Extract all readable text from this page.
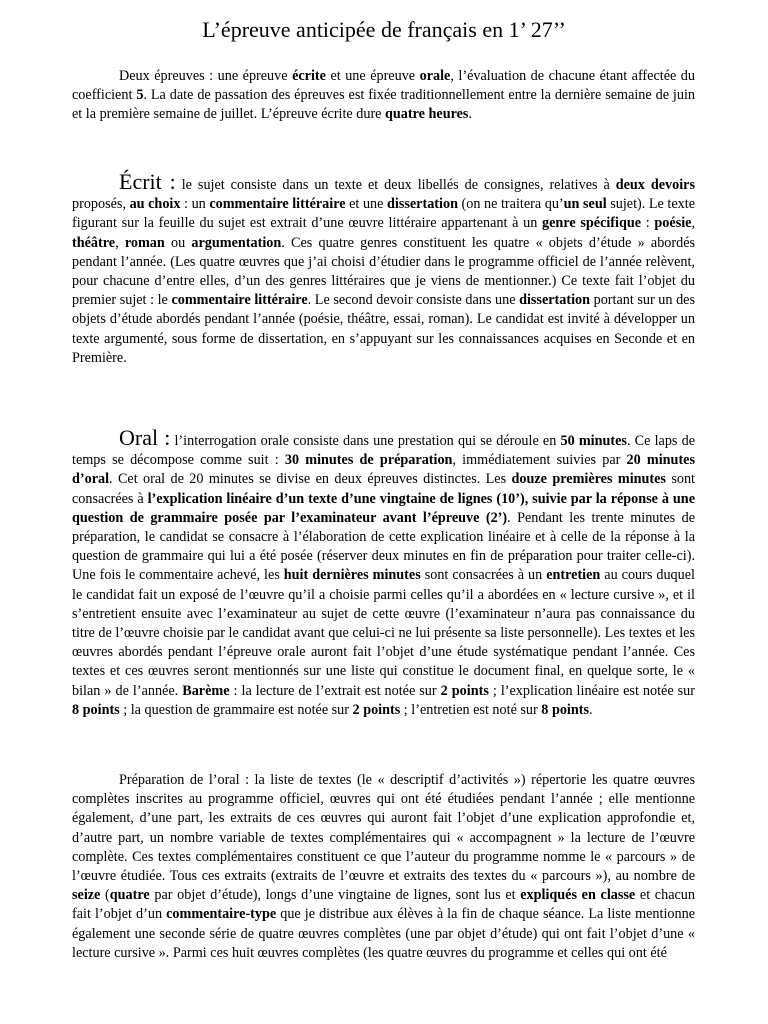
L’épreuve anticipée de français en 1’ 27’’

Deux épreuves : une épreuve écrite et une épreuve orale, l’évaluation de chacune étant affectée du coefficient 5. La date de passation des épreuves est fixée traditionnellement entre la dernière semaine de juin et la première semaine de juillet. L’épreuve écrite dure quatre heures.

Écrit : le sujet consiste dans un texte et deux libellés de consignes, relatives à deux devoirs proposés, au choix : un commentaire littéraire et une dissertation (on ne traitera qu’un seul sujet). Le texte figurant sur la feuille du sujet est extrait d’une œuvre littéraire appartenant à un genre spécifique : poésie, théâtre, roman ou argumentation. Ces quatre genres constituent les quatre « objets d’étude » abordés pendant l’année. (Les quatre œuvres que j’ai choisi d’étudier dans le programme officiel de l’année relèvent, pour chacune d’entre elles, d’un des genres littéraires que je viens de mentionner.) Ce texte fait l’objet du premier sujet : le commentaire littéraire. Le second devoir consiste dans une dissertation portant sur un des objets d’étude abordés pendant l’année (poésie, théâtre, essai, roman). Le candidat est invité à développer un texte argumenté, sous forme de dissertation, en s’appuyant sur les connaissances acquises en Seconde et en Première.

Oral : l’interrogation orale consiste dans une prestation qui se déroule en 50 minutes. Ce laps de temps se décompose comme suit : 30 minutes de préparation, immédiatement suivies par 20 minutes d’oral. Cet oral de 20 minutes se divise en deux épreuves distinctes. Les douze premières minutes sont consacrées à l’explication linéaire d’un texte d’une vingtaine de lignes (10’), suivie par la réponse à une question de grammaire posée par l’examinateur avant l’épreuve (2’). Pendant les trente minutes de préparation, le candidat se consacre à l’élaboration de cette explication linéaire et à celle de la réponse à la question de grammaire qui lui a été posée (réserver deux minutes en fin de préparation pour traiter celle-ci). Une fois le commentaire achevé, les huit dernières minutes sont consacrées à un entretien au cours duquel le candidat fait un exposé de l’œuvre qu’il a choisie parmi celles qu’il a abordées en « lecture cursive », et il s’entretient ensuite avec l’examinateur au sujet de cette œuvre (l’examinateur n’aura pas connaissance du titre de l’œuvre choisie par le candidat avant que celui-ci ne lui présente sa liste personnelle). Les textes et les œuvres abordés pendant l’épreuve orale auront fait l’objet d’une étude systématique pendant l’année. Ces textes et ces œuvres seront mentionnés sur une liste qui constitue le document final, en quelque sorte, le « bilan » de l’année. Barème : la lecture de l’extrait est notée sur 2 points ; l’explication linéaire est notée sur 8 points ; la question de grammaire est notée sur 2 points ; l’entretien est noté sur 8 points.

Préparation de l’oral : la liste de textes (le « descriptif d’activités ») répertorie les quatre œuvres complètes inscrites au programme officiel, œuvres qui ont été étudiées pendant l’année ; elle mentionne également, d’une part, les extraits de ces œuvres qui auront fait l’objet d’une explication approfondie et, d’autre part, un nombre variable de textes complémentaires qui « accompagnent » la lecture de l’œuvre complète. Ces textes complémentaires constituent ce que l’auteur du programme nomme le « parcours » de l’œuvre étudiée. Tous ces extraits (extraits de l’œuvre et extraits des textes du « parcours »), au nombre de seize (quatre par objet d’étude), longs d’une vingtaine de lignes, sont lus et expliqués en classe et chacun fait l’objet d’un commentaire-type que je distribue aux élèves à la fin de chaque séance. La liste mentionne également une seconde série de quatre œuvres complètes (une par objet d’étude) qui ont fait l’objet d’une « lecture cursive ». Parmi ces huit œuvres complètes (les quatre œuvres du programme et celles qui ont été
